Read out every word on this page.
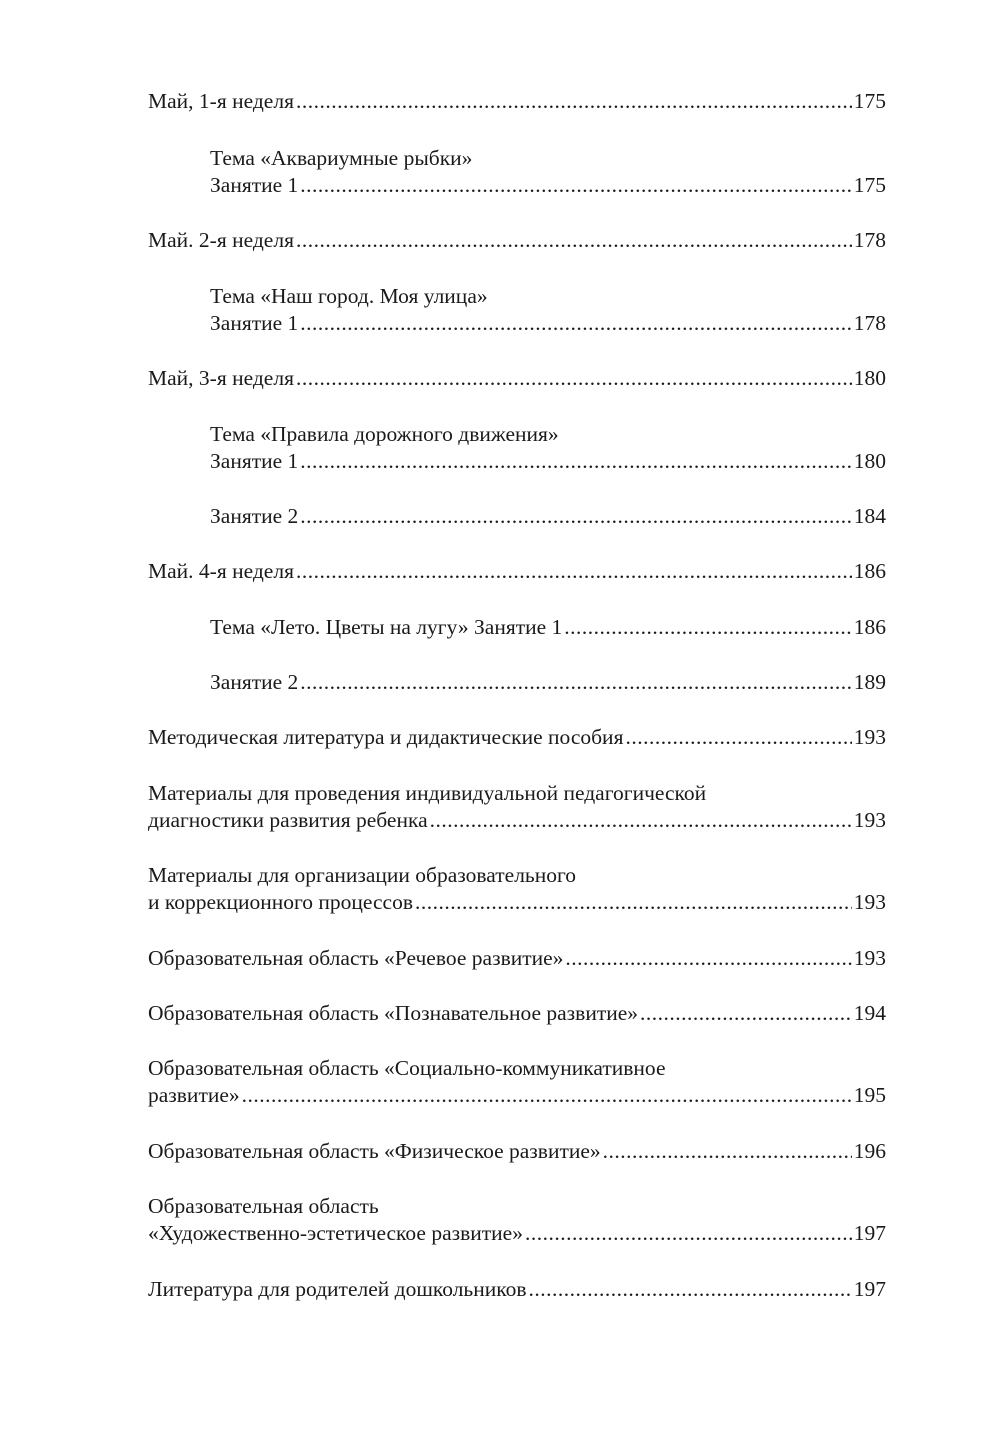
Май, 1-я неделя .....	175
Тема «Аквариумные рыбки»
Занятие 1 .....	175
Май. 2-я неделя .....	178
Тема «Наш город. Моя улица»
Занятие 1 .....	178
Май, 3-я неделя .....	180
Тема «Правила дорожного движения»
Занятие 1 .....	180
Занятие 2 .....	184
Май. 4-я неделя .....	186
Тема «Лето. Цветы на лугу» Занятие 1 .....	186
Занятие 2 .....	189
Методическая литература и дидактические пособия .....	193
Материалы для проведения индивидуальной педагогической
диагностики развития ребенка .....	193
Материалы для организации образовательного
и коррекционного процессов .....	193
Образовательная область «Речевое развитие» .....	193
Образовательная область «Познавательное развитие» .....	194
Образовательная область «Социально-коммуникативное
развитие» .....	195
Образовательная область «Физическое развитие» .....	196
Образовательная область
«Художественно-эстетическое развитие» .....	197
Литература для родителей дошкольников .....	197
